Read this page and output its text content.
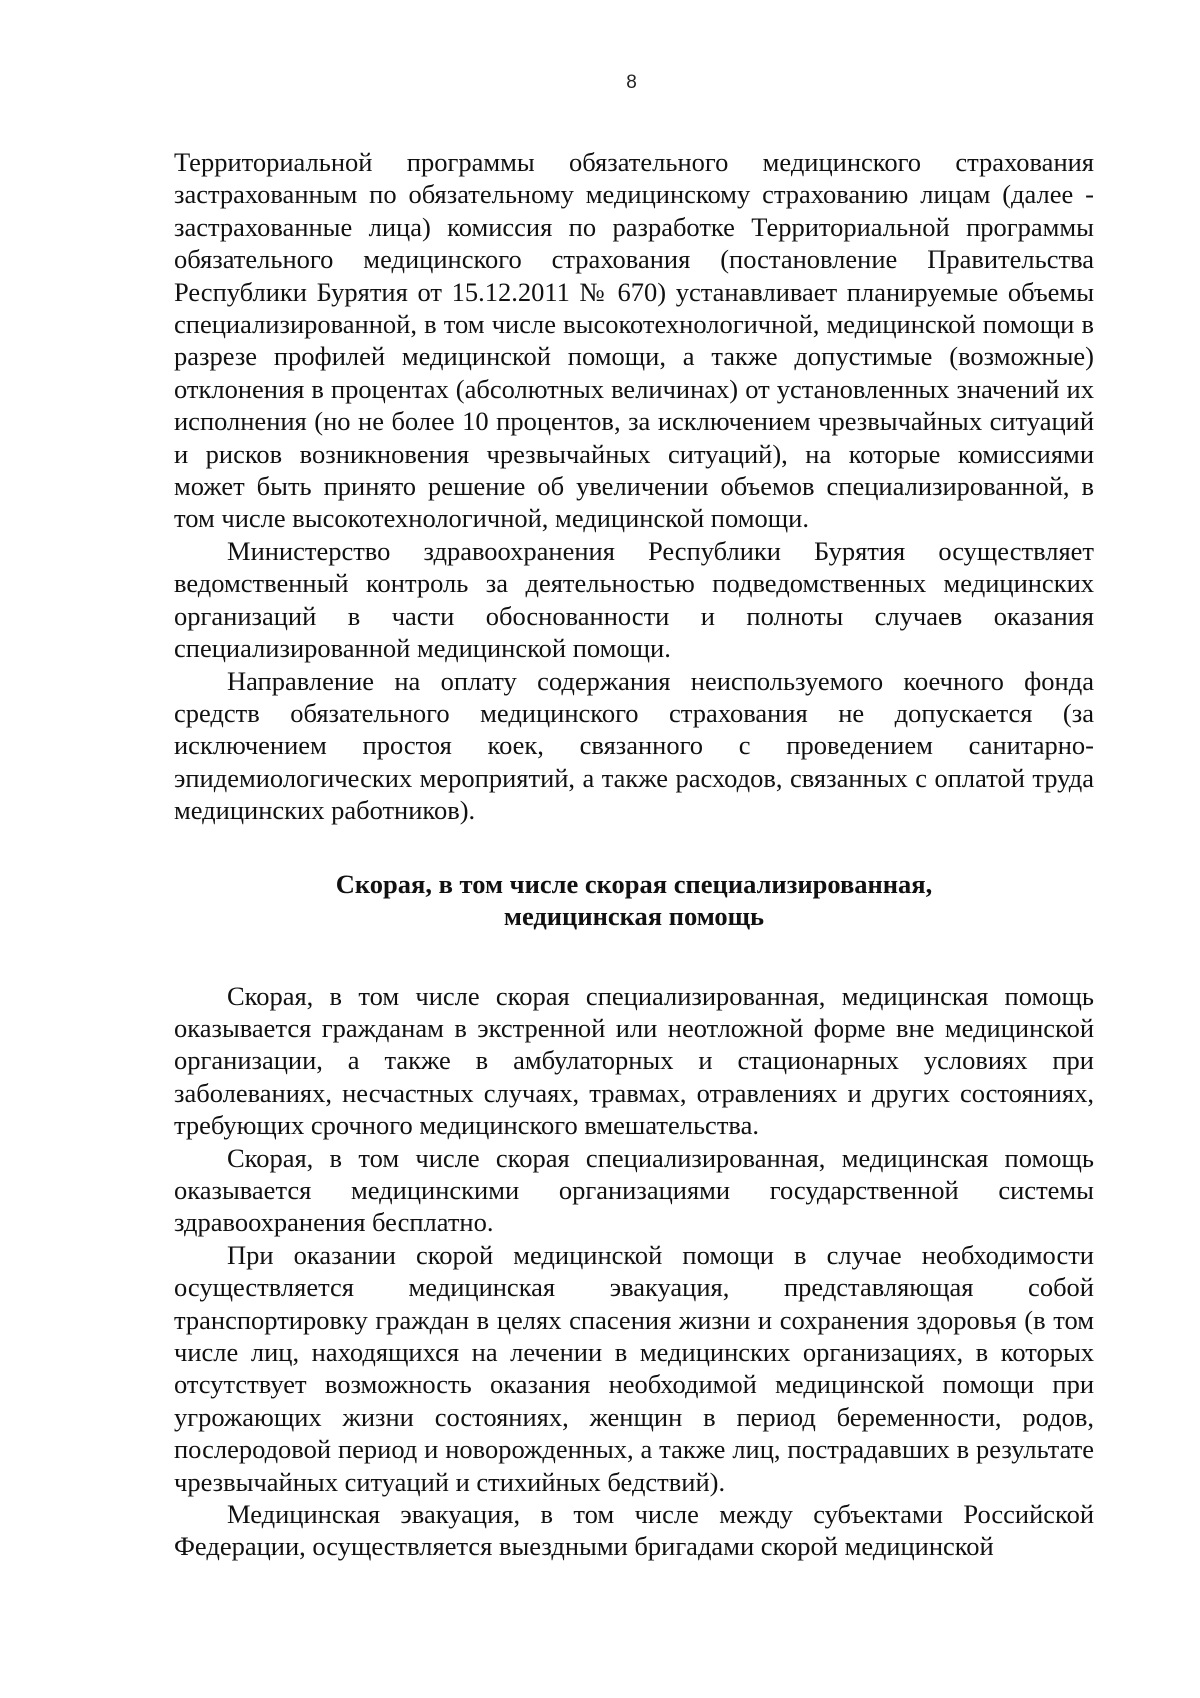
8

Территориальной программы обязательного медицинского страхования застрахованным по обязательному медицинскому страхованию лицам (далее - застрахованные лица) комиссия по разработке Территориальной программы обязательного медицинского страхования (постановление Правительства Республики Бурятия от 15.12.2011 № 670) устанавливает планируемые объемы специализированной, в том числе высокотехнологичной, медицинской помощи в разрезе профилей медицинской помощи, а также допустимые (возможные) отклонения в процентах (абсолютных величинах) от установленных значений их исполнения (но не более 10 процентов, за исключением чрезвычайных ситуаций и рисков возникновения чрезвычайных ситуаций), на которые комиссиями может быть принято решение об увеличении объемов специализированной, в том числе высокотехнологичной, медицинской помощи.

Министерство здравоохранения Республики Бурятия осуществляет ведомственный контроль за деятельностью подведомственных медицинских организаций в части обоснованности и полноты случаев оказания специализированной медицинской помощи.

Направление на оплату содержания неиспользуемого коечного фонда средств обязательного медицинского страхования не допускается (за исключением простоя коек, связанного с проведением санитарно- эпидемиологических мероприятий, а также расходов, связанных с оплатой труда медицинских работников).

Скорая, в том числе скорая специализированная,
медицинская помощь

Скорая, в том числе скорая специализированная, медицинская помощь оказывается гражданам в экстренной или неотложной форме вне медицинской организации, а также в амбулаторных и стационарных условиях при заболеваниях, несчастных случаях, травмах, отравлениях и других состояниях, требующих срочного медицинского вмешательства.

Скорая, в том числе скорая специализированная, медицинская помощь оказывается медицинскими организациями государственной системы здравоохранения бесплатно.

При оказании скорой медицинской помощи в случае необходимости осуществляется медицинская эвакуация, представляющая собой транспортировку граждан в целях спасения жизни и сохранения здоровья (в том числе лиц, находящихся на лечении в медицинских организациях, в которых отсутствует возможность оказания необходимой медицинской помощи при угрожающих жизни состояниях, женщин в период беременности, родов, послеродовой период и новорожденных, а также лиц, пострадавших в результате чрезвычайных ситуаций и стихийных бедствий).

Медицинская эвакуация, в том числе между субъектами Российской Федерации, осуществляется выездными бригадами скорой медицинской
